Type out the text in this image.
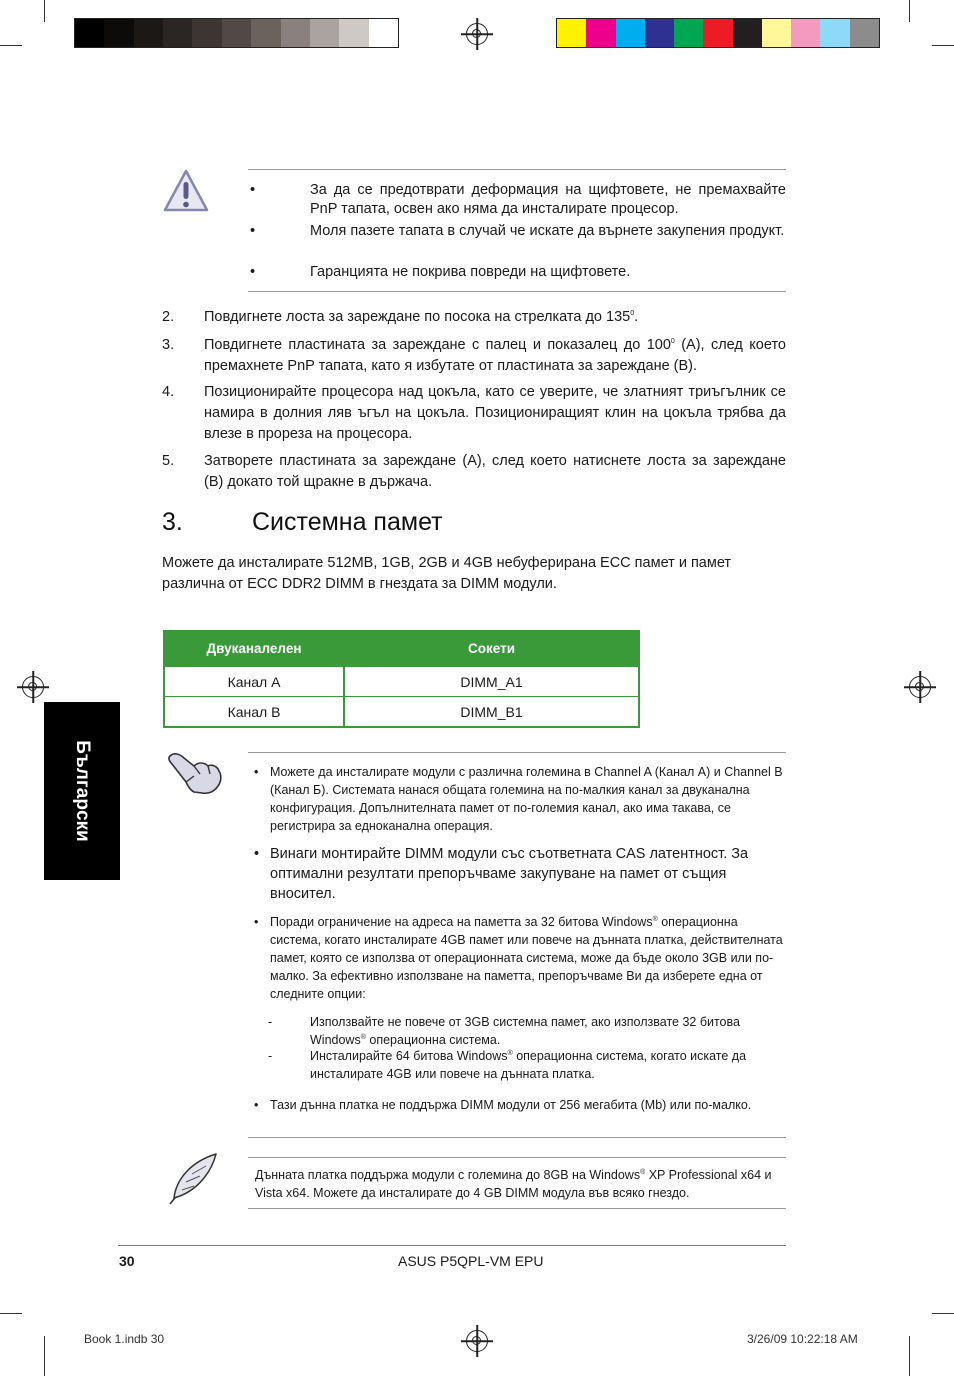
•	За да се предотврати деформация на щифтовете, не премахвайте PnP тапата, освен ако няма да инсталирате процесор.
•	Моля пазете тапата в случай че искате да върнете закупения продукт.
•	Гаранцията не покрива повреди на щифтовете.
2. Повдигнете лоста за зареждане по посока на стрелката до $135^0$.
3. Повдигнете пластината за зареждане с палец и показалец до $100^0$ (A), след което премахнете PnP тапата, като я избутате от пластината за зареждане (B).
4. Позиционирайте процесора над цокъла, като се уверите, че златният триъгълник се намира в долния ляв ъгъл на цокъла. Позициониращият клин на цокъла трябва да влезе в прореза на процесора.
5. Затворете пластината за зареждане (A), след което натиснете лоста за зареждане (B) докато той щракне в държача.
3.	Системна памет
Можете да инсталирате 512MB, 1GB, 2GB и 4GB небуферирана ECC памет и памет различна от ECC DDR2 DIMM в гнездата за DIMM модули.
Двуканалелен	Сокети
Канал A	DIMM_A1
Канал B	DIMM_B1
Български	• Можете да инсталирате модули с различна големина в Channel A (Канал A) и Channel B (Канал Б). Системата нанася общата големина на по-малкия канал за двуканална конфигурация. Допълнителната памет от по-големия канал, ако има такава, се регистрира за едноканална операция.
• Винаги монтирайте DIMM модули със съответната CAS латентност. За оптимални резултати препоръчваме закупуване на памет от същия вносител.
• Поради ограничение на адреса на паметта за 32 битова Windows® операционна система, когато инсталирате 4GB памет или повече на дънната платка, действителната памет, която се използва от операционната система, може да бъде около 3GB или по-малко. За ефективно използване на паметта, препоръчваме Ви да изберете една от следните опции:
-	Използвайте не повече от 3GB системна памет, ако използвате 32 битова Windows® операционна система.
-	Инсталирайте 64 битова Windows® операционна система, когато искате да инсталирате 4GB или повече на дънната платка.
• Тази дънна платка не поддържа DIMM модули от 256 мегабита (Mb) или по-малко.
Дънната платка поддържа модули с големина до 8GB на Windows® XP Professional x64 и Vista x64. Можете да инсталирате до 4 GB DIMM модула във всяко гнездо.
30	ASUS P5QPL-VM EPU
Book 1.indb 30	3/26/09 10:22:18 AM
